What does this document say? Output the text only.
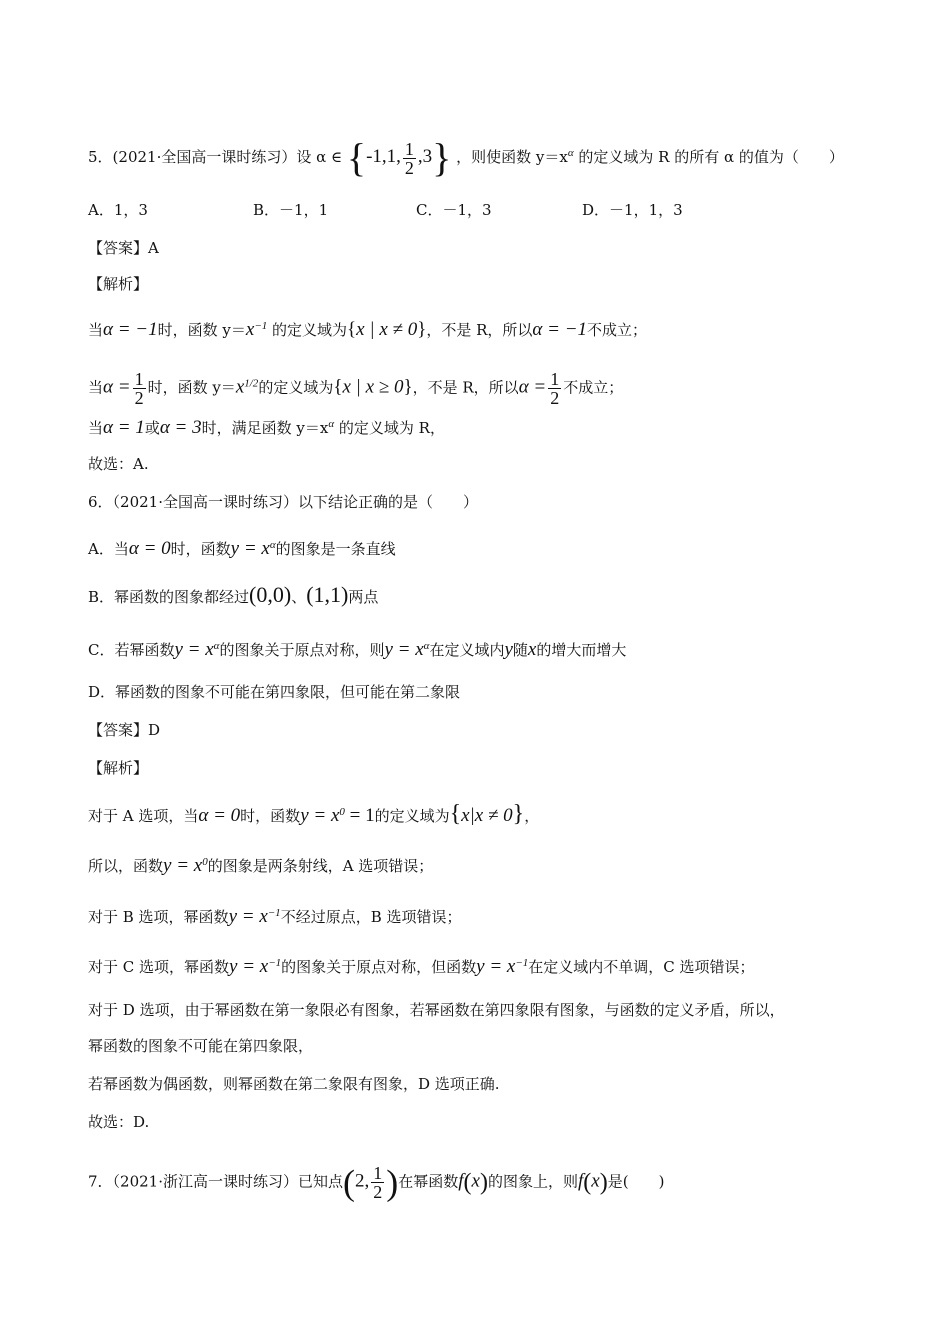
5．(2021·全国高一课时练习）设 α ∈ {-1,1, $\frac{1}{2} ,3$} ，则使函数 $y=x^\alpha$ 的定义域为 R 的所有 α 的值为（　　）
A．1，3	B．－1，1	C．－1，3	D．－1，1，3
【答案】A
【解析】
当α = −1时，函数 $y=x^{-1}$ 的定义域为{x | x ≠ 0}，不是 R，所以α = −1不成立；
当$\alpha = \frac{1}{2}$ 时，函数 $y=x^{1/2}$的定义域为{x | x ≥ 0}，不是 R，所以$\alpha = \frac{1}{2}$ 不成立；
当α = 1或α = 3时，满足函数 $y=x^\alpha$ 的定义域为 R，
故选：A.
6．（2021·全国高一课时练习）以下结论正确的是（　　）
A．当α = 0时，函数$y = x^\alpha$的图象是一条直线
B．幂函数的图象都经过(0,0)、(1,1)两点
C．若幂函数$y = x^\alpha$的图象关于原点对称，则$y = x^\alpha$在定义域内y随x的增大而增大
D．幂函数的图象不可能在第四象限，但可能在第二象限
【答案】D
【解析】
对于 A 选项，当α = 0时，函数$y = x^0 = 1$的定义域为{x|x ≠ 0}，
所以，函数$y = x^0$的图象是两条射线，A 选项错误；
对于 B 选项，幂函数$y = x^{-1}$不经过原点，B 选项错误；
对于 C 选项，幂函数$y = x^{-1}$的图象关于原点对称，但函数$y = x^{-1}$在定义域内不单调，C 选项错误；
对于 D 选项，由于幂函数在第一象限必有图象，若幂函数在第四象限有图象，与函数的定义矛盾，所以，
幂函数的图象不可能在第四象限，
若幂函数为偶函数，则幂函数在第二象限有图象，D 选项正确.
故选：D.
7．（2021·浙江高一课时练习）已知点(2, $\frac{1}{2}$ )在幂函数f(x)的图象上，则f(x)是(　　)
